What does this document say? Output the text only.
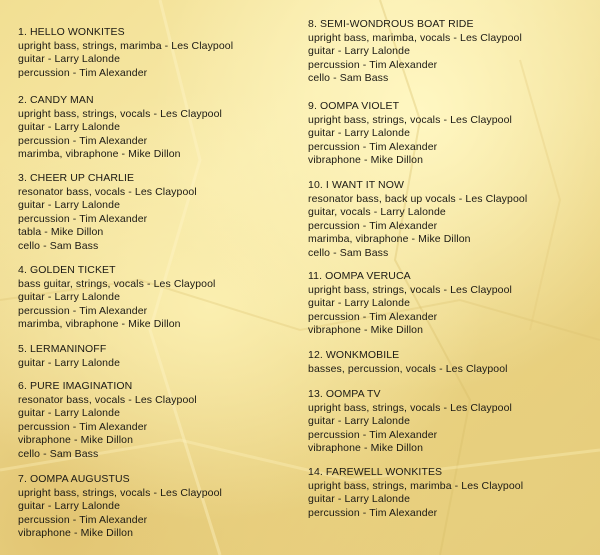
1. HELLO WONKITES
upright bass, strings, marimba - Les Claypool
guitar - Larry Lalonde
percussion - Tim Alexander
2. CANDY MAN
upright bass, strings, vocals - Les Claypool
guitar - Larry Lalonde
percussion - Tim Alexander
marimba, vibraphone - Mike Dillon
3. CHEER UP CHARLIE
resonator bass, vocals - Les Claypool
guitar - Larry Lalonde
percussion - Tim Alexander
tabla - Mike Dillon
cello - Sam Bass
4. GOLDEN TICKET
bass guitar, strings, vocals - Les Claypool
guitar - Larry Lalonde
percussion - Tim Alexander
marimba, vibraphone - Mike Dillon
5. LERMANINOFF
guitar - Larry Lalonde
6. PURE IMAGINATION
resonator bass, vocals - Les Claypool
guitar - Larry Lalonde
percussion - Tim Alexander
vibraphone - Mike Dillon
cello - Sam Bass
7. OOMPA AUGUSTUS
upright bass, strings, vocals - Les Claypool
guitar - Larry Lalonde
percussion - Tim Alexander
vibraphone - Mike Dillon
8. SEMI-WONDROUS BOAT RIDE
upright bass, marimba, vocals - Les Claypool
guitar - Larry Lalonde
percussion - Tim Alexander
cello - Sam Bass
9. OOMPA VIOLET
upright bass, strings, vocals - Les Claypool
guitar - Larry Lalonde
percussion - Tim Alexander
vibraphone - Mike Dillon
10. I WANT IT NOW
resonator bass, back up vocals - Les Claypool
guitar, vocals - Larry Lalonde
percussion - Tim Alexander
marimba, vibraphone - Mike Dillon
cello - Sam Bass
11. OOMPA VERUCA
upright bass, strings, vocals - Les Claypool
guitar - Larry Lalonde
percussion - Tim Alexander
vibraphone - Mike Dillon
12. WONKMOBILE
basses, percussion, vocals - Les Claypool
13. OOMPA TV
upright bass, strings, vocals - Les Claypool
guitar - Larry Lalonde
percussion - Tim Alexander
vibraphone - Mike Dillon
14. FAREWELL WONKITES
upright bass, strings, marimba - Les Claypool
guitar - Larry Lalonde
percussion - Tim Alexander
